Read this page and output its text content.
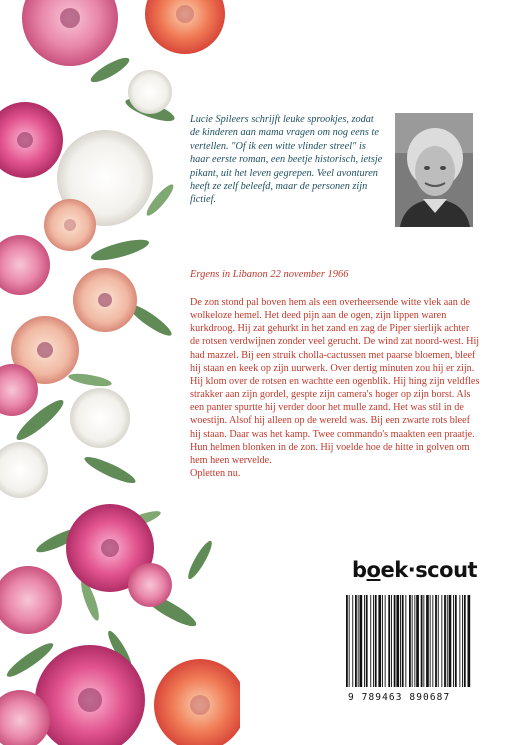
Lucie Spileers schrijft leuke sprookjes, zodat de kinderen aan mama vragen om nog eens te vertellen. "Of ik een witte vlinder streel" is haar eerste roman, een beetje historisch, ietsje pikant, uit het leven gegrepen. Veel avonturen heeft ze zelf beleefd, maar de personen zijn fictief.

Ergens in Libanon 22 november 1966

De zon stond pal boven hem als een overheersende witte vlek aan de wolkeloze hemel. Het deed pijn aan de ogen, zijn lippen waren kurkdroog. Hij zat gehurkt in het zand en zag de Piper sierlijk achter de rotsen verdwijnen zonder veel gerucht. De wind zat noord-west. Hij had mazzel. Bij een struik cholla-cactussen met paarse bloemen, bleef hij staan en keek op zijn uurwerk. Over dertig minuten zou hij er zijn. Hij klom over de rotsen en wachtte een ogenblik. Hij hing zijn veldfles strakker aan zijn gordel, gespte zijn camera's hoger op zijn borst. Als een panter spurtte hij verder door het mulle zand. Het was stil in de woestijn. Alsof hij alleen op de wereld was. Bij een zwarte rots bleef hij staan. Daar was het kamp. Twee commando's maakten een praatje. Hun helmen blonken in de zon. Hij voelde hoe de hitte in golven om hem heen wervelde.

Opletten nu.

boek·scout
9 789463 890687
